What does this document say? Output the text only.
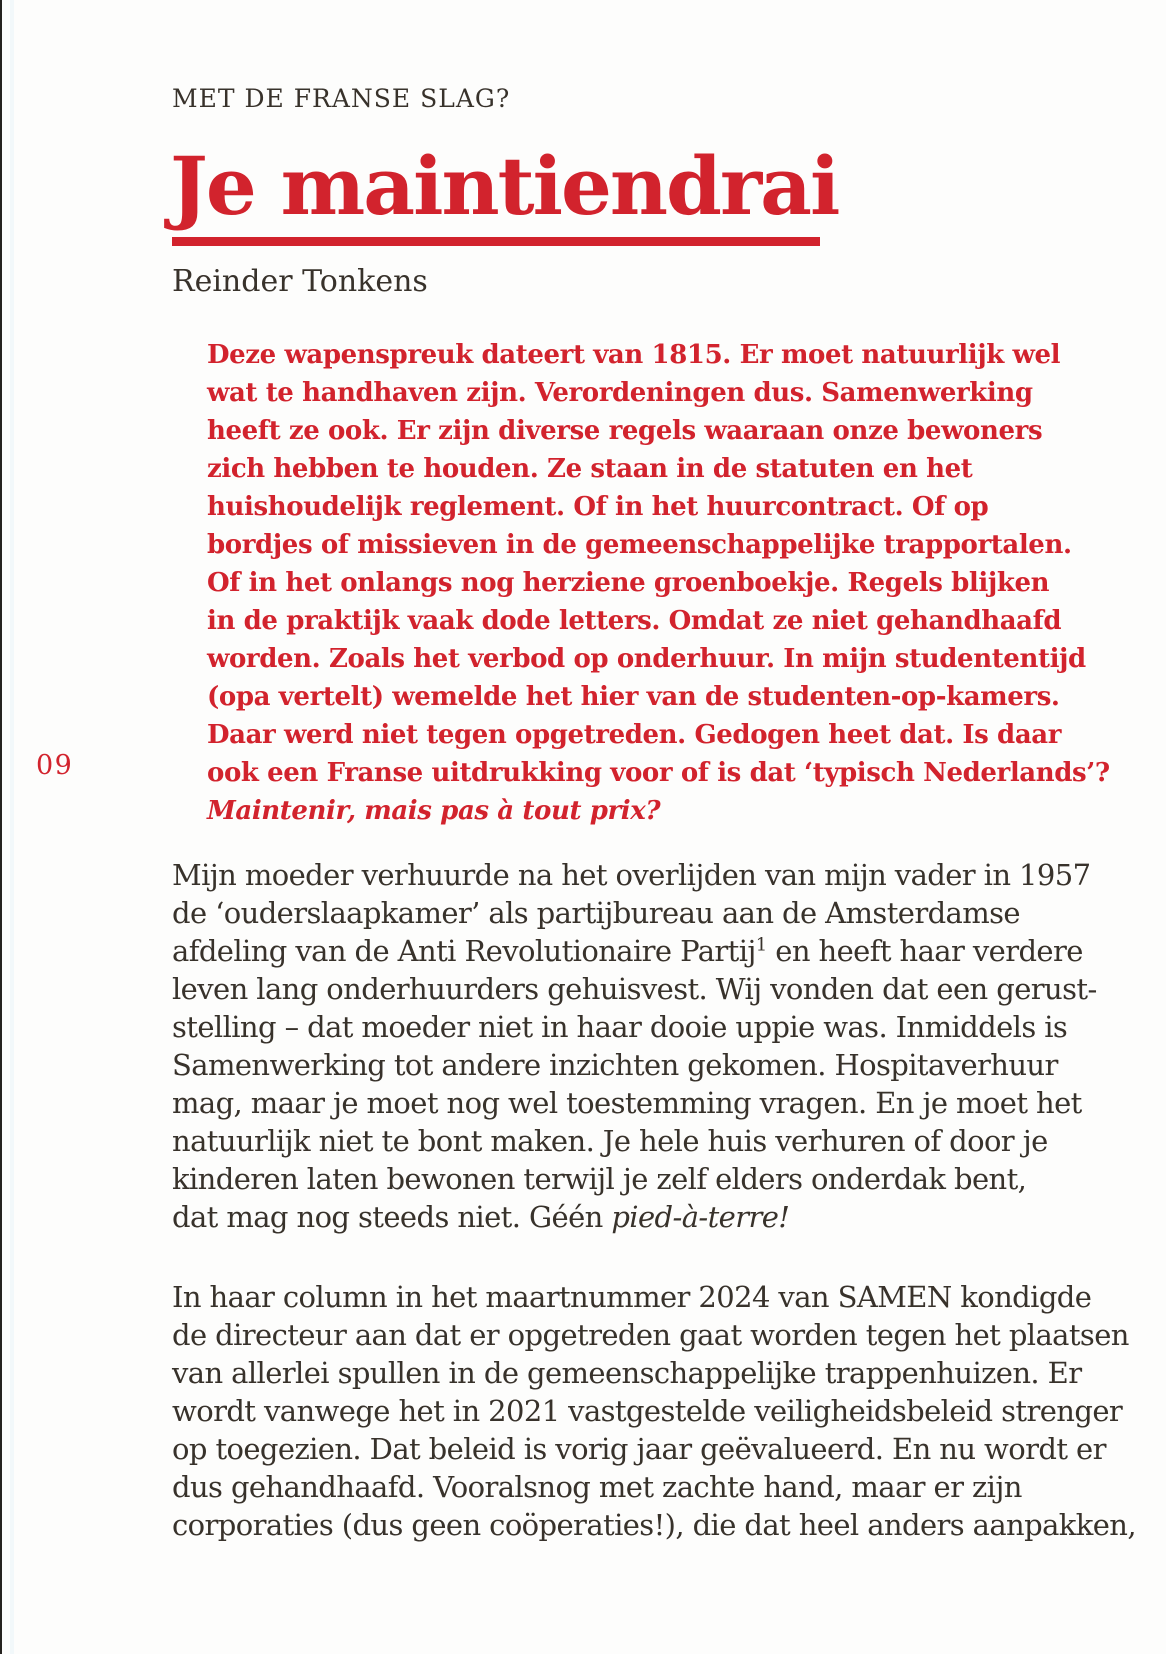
MET DE FRANSE SLAG?
Je maintiendrai
Reinder Tonkens
Deze wapenspreuk dateert van 1815. Er moet natuurlijk wel
wat te handhaven zijn. Verordeningen dus. Samenwerking
heeft ze ook. Er zijn diverse regels waaraan onze bewoners
zich hebben te houden. Ze staan in de statuten en het
huishoudelijk reglement. Of in het huurcontract. Of op
bordjes of missieven in de gemeenschappelijke trapportalen.
Of in het onlangs nog herziene groenboekje. Regels blijken
in de praktijk vaak dode letters. Omdat ze niet gehandhaafd
worden. Zoals het verbod op onderhuur. In mijn studententijd
(opa vertelt) wemelde het hier van de studenten-op-kamers.
Daar werd niet tegen opgetreden. Gedogen heet dat. Is daar
ook een Franse uitdrukking voor of is dat ‘typisch Nederlands’?
Maintenir, mais pas à tout prix?
09
Mijn moeder verhuurde na het overlijden van mijn vader in 1957
de ‘ouderslaapkamer’ als partijbureau aan de Amsterdamse
afdeling van de Anti Revolutionaire Partij$^1$ en heeft haar verdere
leven lang onderhuurders gehuisvest. Wij vonden dat een gerust-
stelling – dat moeder niet in haar dooie uppie was. Inmiddels is
Samenwerking tot andere inzichten gekomen. Hospitaverhuur
mag, maar je moet nog wel toestemming vragen. En je moet het
natuurlijk niet te bont maken. Je hele huis verhuren of door je
kinderen laten bewonen terwijl je zelf elders onderdak bent,
dat mag nog steeds niet. Géén pied-à-terre!
In haar column in het maartnummer 2024 van SAMEN kondigde
de directeur aan dat er opgetreden gaat worden tegen het plaatsen
van allerlei spullen in de gemeenschappelijke trappenhuizen. Er
wordt vanwege het in 2021 vastgestelde veiligheidsbeleid strenger
op toegezien. Dat beleid is vorig jaar geëvalueerd. En nu wordt er
dus gehandhaafd. Vooralsnog met zachte hand, maar er zijn
corporaties (dus geen coöperaties!), die dat heel anders aanpakken,
